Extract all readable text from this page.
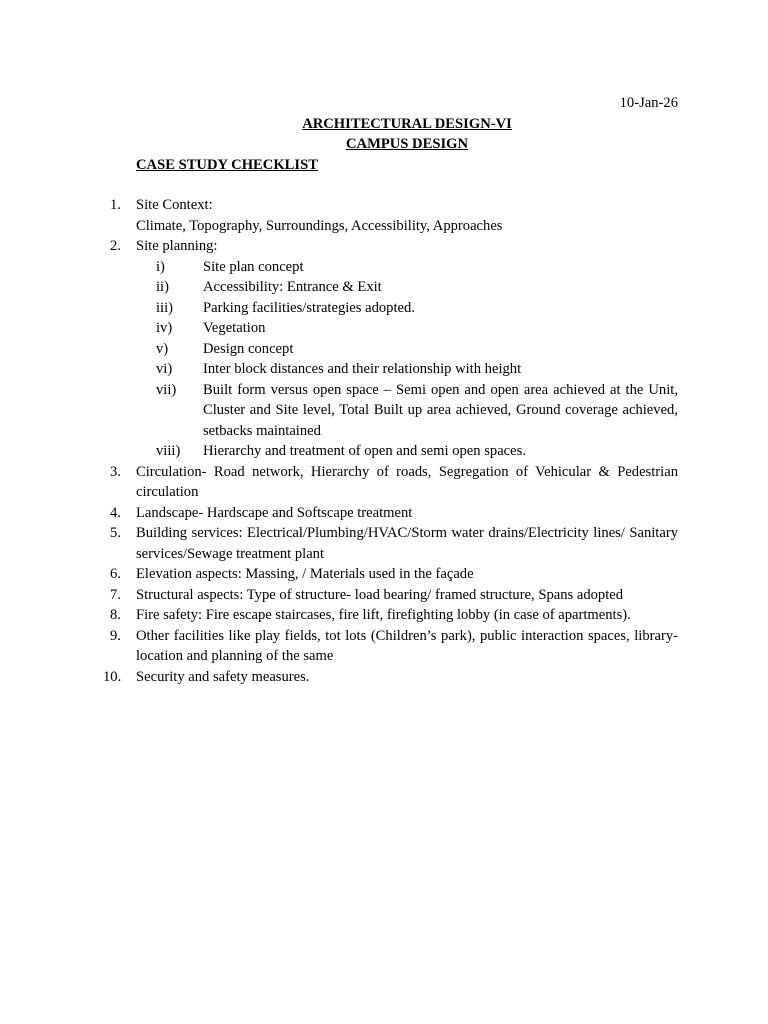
10-Jan-26
ARCHITECTURAL DESIGN-VI
CAMPUS DESIGN
CASE STUDY CHECKLIST
1.	Site Context:
Climate, Topography, Surroundings, Accessibility, Approaches
2.	Site planning:
i)	Site plan concept
ii)	Accessibility: Entrance & Exit
iii)	Parking facilities/strategies adopted.
iv)	Vegetation
v)	Design concept
vi)	Inter block distances and their relationship with height
vii)	Built form versus open space – Semi open and open area achieved at the Unit, Cluster and Site level, Total Built up area achieved, Ground coverage achieved, setbacks maintained
viii)	Hierarchy and treatment of open and semi open spaces.
3.	Circulation- Road network, Hierarchy of roads, Segregation of Vehicular & Pedestrian circulation
4.	Landscape- Hardscape and Softscape treatment
5.	Building services: Electrical/Plumbing/HVAC/Storm water drains/Electricity lines/ Sanitary services/Sewage treatment plant
6.	Elevation aspects: Massing, / Materials used in the façade
7.	Structural aspects: Type of structure- load bearing/ framed structure, Spans adopted
8.	Fire safety: Fire escape staircases, fire lift, firefighting lobby (in case of apartments).
9.	Other facilities like play fields, tot lots (Children’s park), public interaction spaces, library-location and planning of the same
10.	Security and safety measures.
